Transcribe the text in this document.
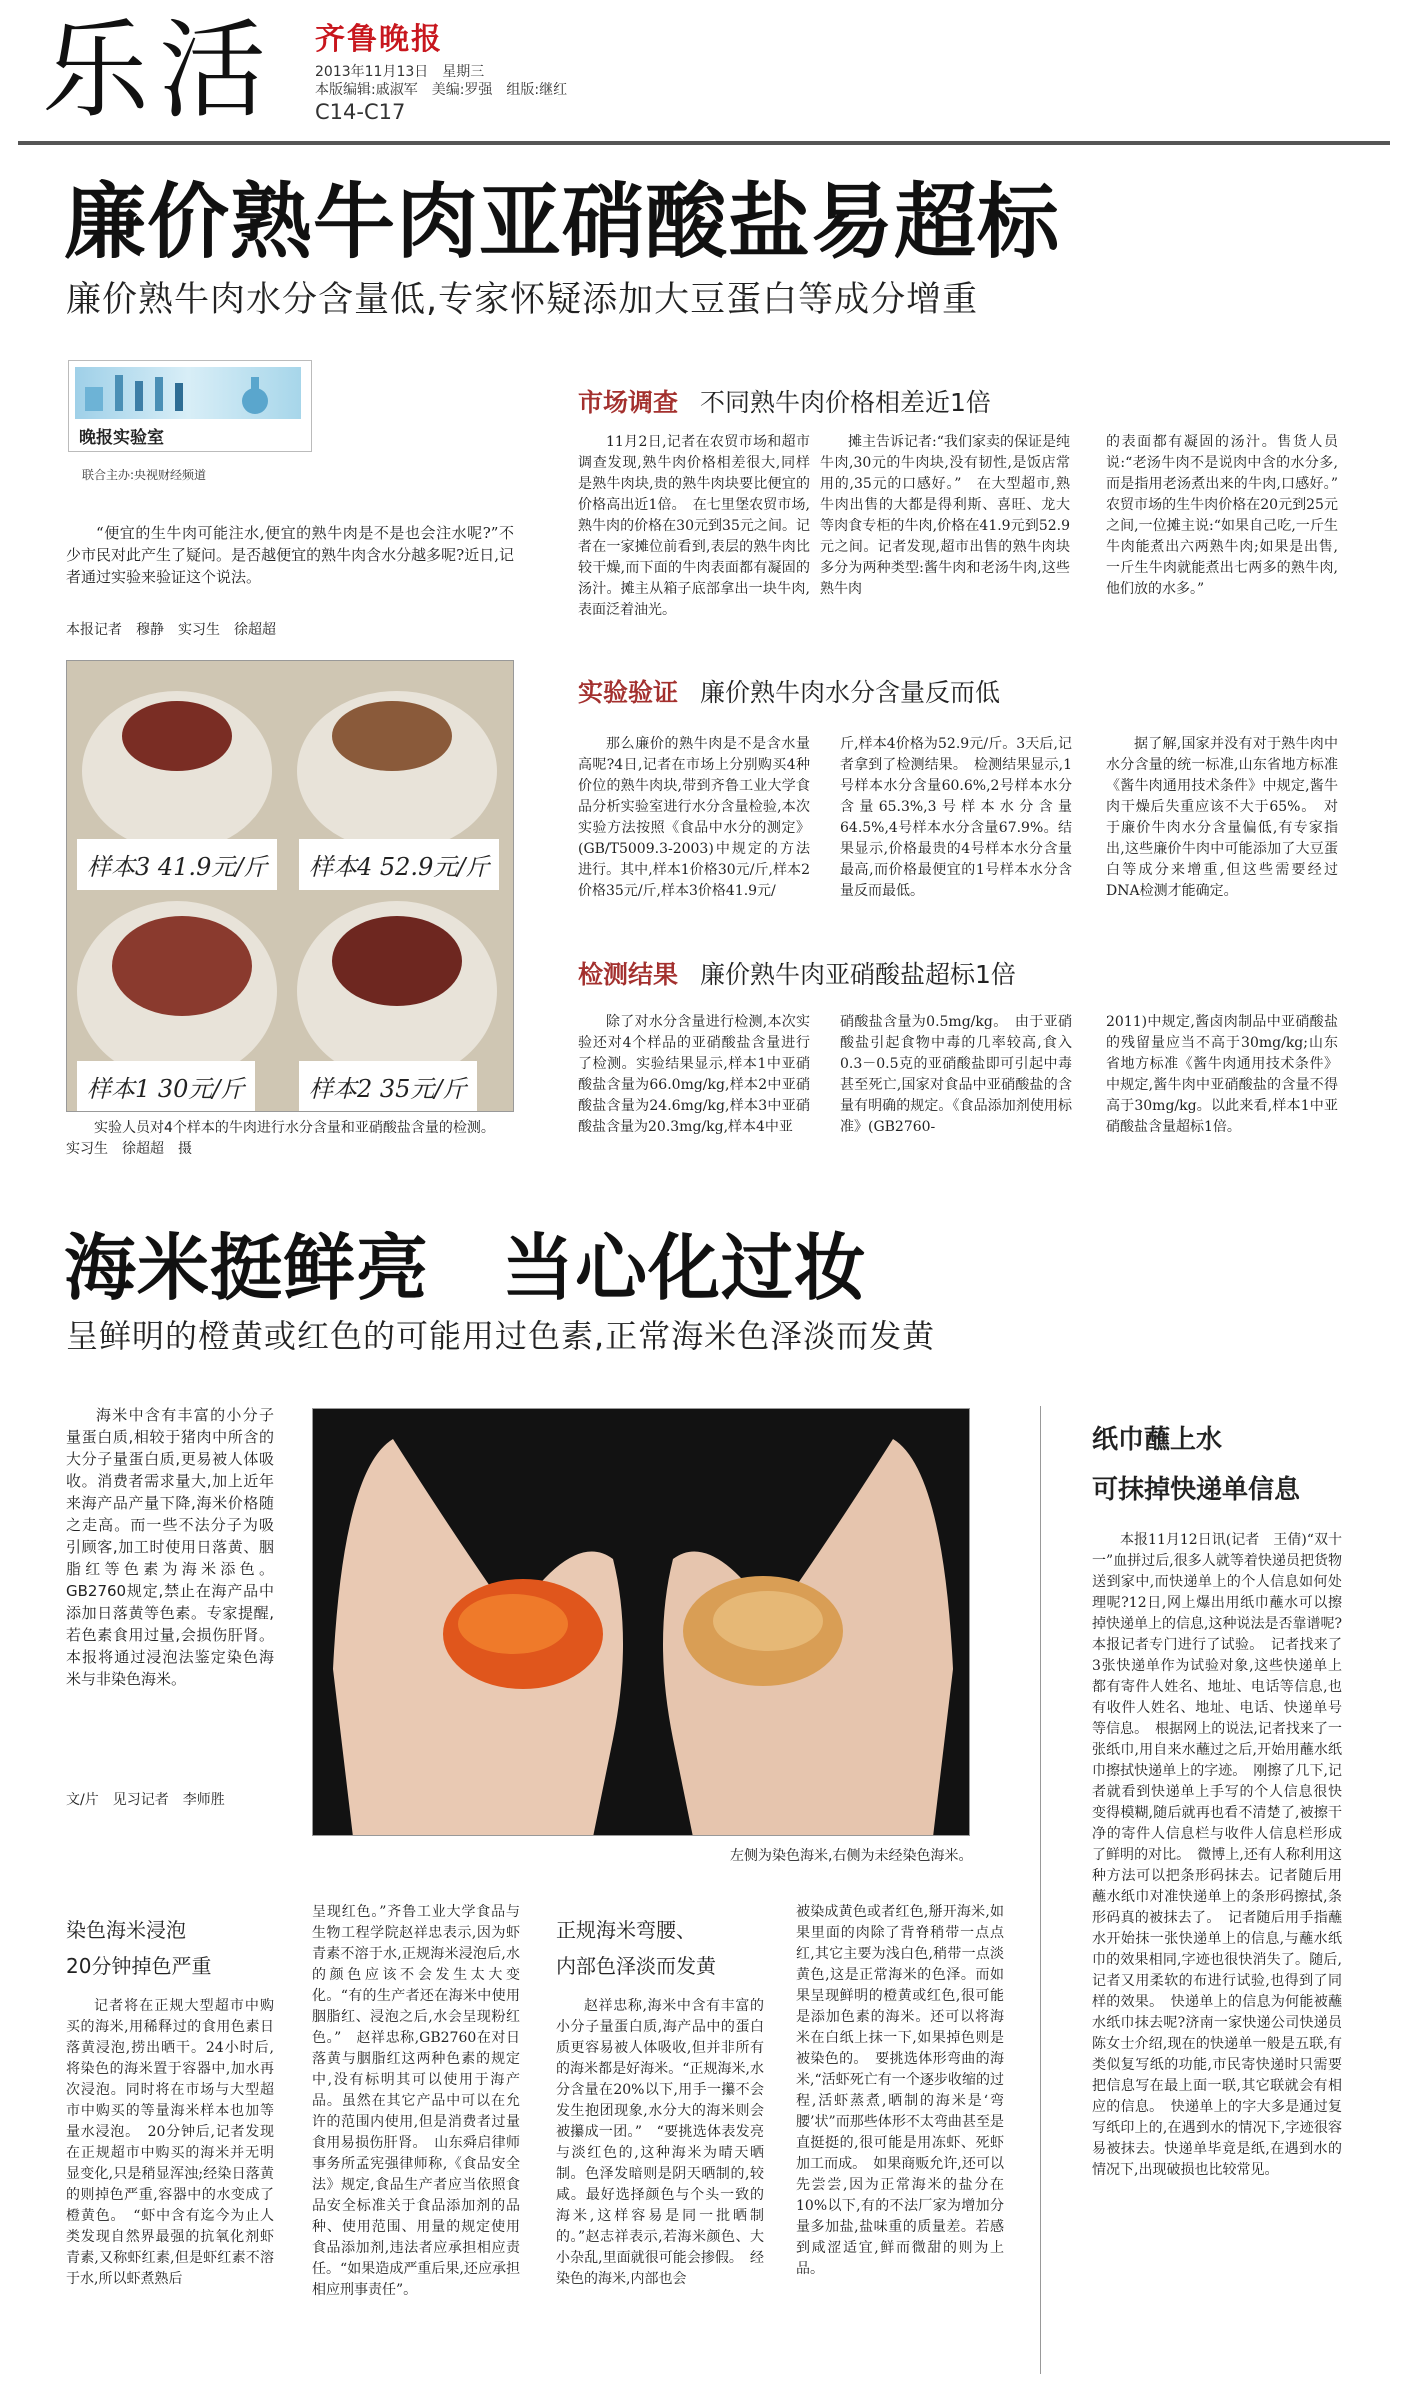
乐活 齐鲁晚报
2013年11月13日　星期三
本版编辑:戚淑军　美编:罗强　组版:继红
C14-C17
廉价熟牛肉亚硝酸盐易超标
廉价熟牛肉水分含量低,专家怀疑添加大豆蛋白等成分增重
晚报实验室
联合主办:央视财经频道
“便宜的生牛肉可能注水,便宜的熟牛肉是不是也会注水呢?”不少市民对此产生了疑问。是否越便宜的熟牛肉含水分越多呢?近日,记者通过实验来验证这个说法。
本报记者　穆静　实习生　徐超超
样本3 41.9元/斤	样本4 52.9元/斤
样本1 30元/斤	样本2 35元/斤
实验人员对4个样本的牛肉进行水分含量和亚硝酸盐含量的检测。　　实习生　徐超超　摄
市场调查 不同熟牛肉价格相差近1倍
11月2日,记者在农贸市场和超市调查发现,熟牛肉价格相差很大,同样是熟牛肉块,贵的熟牛肉块要比便宜的价格高出近1倍。　在七里堡农贸市场,熟牛肉的价格在30元到35元之间。记者在一家摊位前看到,表层的熟牛肉比较干燥,而下面的牛肉表面都有凝固的汤汁。摊主从箱子底部拿出一块牛肉,表面泛着油光。
摊主告诉记者:“我们家卖的保证是纯牛肉,30元的牛肉块,没有韧性,是饭店常用的,35元的口感好。”　在大型超市,熟牛肉出售的大都是得利斯、喜旺、龙大等肉食专柜的牛肉,价格在41.9元到52.9元之间。记者发现,超市出售的熟牛肉块多分为两种类型:酱牛肉和老汤牛肉,这些熟牛肉
的表面都有凝固的汤汁。售货人员说:“老汤牛肉不是说肉中含的水分多,而是指用老汤煮出来的牛肉,口感好。”　农贸市场的生牛肉价格在20元到25元之间,一位摊主说:“如果自己吃,一斤生牛肉能煮出六两熟牛肉;如果是出售,一斤生牛肉就能煮出七两多的熟牛肉,他们放的水多。”
实验验证 廉价熟牛肉水分含量反而低
那么廉价的熟牛肉是不是含水量高呢?4日,记者在市场上分别购买4种价位的熟牛肉块,带到齐鲁工业大学食品分析实验室进行水分含量检验,本次实验方法按照《食品中水分的测定》(GB/T5009.3-2003)中规定的方法进行。其中,样本1价格30元/斤,样本2价格35元/斤,样本3价格41.9元/
斤,样本4价格为52.9元/斤。3天后,记者拿到了检测结果。　检测结果显示,1号样本水分含量60.6%,2号样本水分含量65.3%,3号样本水分含量64.5%,4号样本水分含量67.9%。结果显示,价格最贵的4号样本水分含量最高,而价格最便宜的1号样本水分含量反而最低。
据了解,国家并没有对于熟牛肉中水分含量的统一标准,山东省地方标准《酱牛肉通用技术条件》中规定,酱牛肉干燥后失重应该不大于65%。　对于廉价牛肉水分含量偏低,有专家指出,这些廉价牛肉中可能添加了大豆蛋白等成分来增重,但这些需要经过DNA检测才能确定。
检测结果 廉价熟牛肉亚硝酸盐超标1倍
除了对水分含量进行检测,本次实验还对4个样品的亚硝酸盐含量进行了检测。实验结果显示,样本1中亚硝酸盐含量为66.0mg/kg,样本2中亚硝酸盐含量为24.6mg/kg,样本3中亚硝酸盐含量为20.3mg/kg,样本4中亚
硝酸盐含量为0.5mg/kg。　由于亚硝酸盐引起食物中毒的几率较高,食入0.3－0.5克的亚硝酸盐即可引起中毒甚至死亡,国家对食品中亚硝酸盐的含量有明确的规定。《食品添加剂使用标准》(GB2760-
2011)中规定,酱卤肉制品中亚硝酸盐的残留量应当不高于30mg/kg;山东省地方标准《酱牛肉通用技术条件》中规定,酱牛肉中亚硝酸盐的含量不得高于30mg/kg。以此来看,样本1中亚硝酸盐含量超标1倍。
海米挺鲜亮　当心化过妆
呈鲜明的橙黄或红色的可能用过色素,正常海米色泽淡而发黄
海米中含有丰富的小分子量蛋白质,相较于猪肉中所含的大分子量蛋白质,更易被人体吸收。消费者需求量大,加上近年来海产品产量下降,海米价格随之走高。而一些不法分子为吸引顾客,加工时使用日落黄、胭脂红等色素为海米添色。GB2760规定,禁止在海产品中添加日落黄等色素。专家提醒,若色素食用过量,会损伤肝肾。本报将通过浸泡法鉴定染色海米与非染色海米。
文/片　见习记者　李师胜
左侧为染色海米,右侧为未经染色海米。
染色海米浸泡
20分钟掉色严重
记者将在正规大型超市中购买的海米,用稀释过的食用色素日落黄浸泡,捞出晒干。24小时后,将染色的海米置于容器中,加水再次浸泡。同时将在市场与大型超市中购买的等量海米样本也加等量水浸泡。　20分钟后,记者发现在正规超市中购买的海米并无明显变化,只是稍显浑浊;经染日落黄的则掉色严重,容器中的水变成了橙黄色。　“虾中含有迄今为止人类发现自然界最强的抗氧化剂虾青素,又称虾红素,但是虾红素不溶于水,所以虾煮熟后
呈现红色。”齐鲁工业大学食品与生物工程学院赵祥忠表示,因为虾青素不溶于水,正规海米浸泡后,水的颜色应该不会发生太大变化。“有的生产者还在海米中使用胭脂红、浸泡之后,水会呈现粉红色。”　赵祥忠称,GB2760在对日落黄与胭脂红这两种色素的规定中,没有标明其可以使用于海产品。虽然在其它产品中可以在允许的范围内使用,但是消费者过量食用易损伤肝肾。　山东舜启律师事务所孟宪强律师称,《食品安全法》规定,食品生产者应当依照食品安全标准关于食品添加剂的品种、使用范围、用量的规定使用食品添加剂,违法者应承担相应责任。“如果造成严重后果,还应承担相应刑事责任”。
正规海米弯腰、
内部色泽淡而发黄
赵祥忠称,海米中含有丰富的小分子量蛋白质,海产品中的蛋白质更容易被人体吸收,但并非所有的海米都是好海米。“正规海米,水分含量在20%以下,用手一攥不会发生抱团现象,水分大的海米则会被攥成一团。”　“要挑选体表发亮与淡红色的,这种海米为晴天晒制。色泽发暗则是阴天晒制的,较咸。最好选择颜色与个头一致的海米,这样容易是同一批晒制的。”赵志祥表示,若海米颜色、大小杂乱,里面就很可能会掺假。　经染色的海米,内部也会
被染成黄色或者红色,掰开海米,如果里面的肉除了背脊稍带一点点红,其它主要为浅白色,稍带一点淡黄色,这是正常海米的色泽。而如果呈现鲜明的橙黄或红色,很可能是添加色素的海米。还可以将海米在白纸上抹一下,如果掉色则是被染色的。　要挑选体形弯曲的海米,“活虾死亡有一个逐步收缩的过程,活虾蒸煮,晒制的海米是‘弯腰’状”而那些体形不太弯曲甚至是直挺挺的,很可能是用冻虾、死虾加工而成。　如果商贩允许,还可以先尝尝,因为正常海米的盐分在10%以下,有的不法厂家为增加分量多加盐,盐味重的质量差。若感到咸涩适宜,鲜而微甜的则为上品。
纸巾蘸上水
可抹掉快递单信息
本报11月12日讯(记者　王倩)“双十一”血拼过后,很多人就等着快递员把货物送到家中,而快递单上的个人信息如何处理呢?12日,网上爆出用纸巾蘸水可以擦掉快递单上的信息,这种说法是否靠谱呢?本报记者专门进行了试验。　记者找来了3张快递单作为试验对象,这些快递单上都有寄件人姓名、地址、电话等信息,也有收件人姓名、地址、电话、快递单号等信息。　根据网上的说法,记者找来了一张纸巾,用自来水蘸过之后,开始用蘸水纸巾擦拭快递单上的字迹。　刚擦了几下,记者就看到快递单上手写的个人信息很快变得模糊,随后就再也看不清楚了,被擦干净的寄件人信息栏与收件人信息栏形成了鲜明的对比。　微博上,还有人称利用这种方法可以把条形码抹去。记者随后用蘸水纸巾对准快递单上的条形码擦拭,条形码真的被抹去了。　记者随后用手指蘸水开始抹一张快递单上的信息,与蘸水纸巾的效果相同,字迹也很快消失了。随后,记者又用柔软的布进行试验,也得到了同样的效果。　快递单上的信息为何能被蘸水纸巾抹去呢?济南一家快递公司快递员陈女士介绍,现在的快递单一般是五联,有类似复写纸的功能,市民寄快递时只需要把信息写在最上面一联,其它联就会有相应的信息。　快递单上的字大多是通过复写纸印上的,在遇到水的情况下,字迹很容易被抹去。快递单毕竟是纸,在遇到水的情况下,出现破损也比较常见。
